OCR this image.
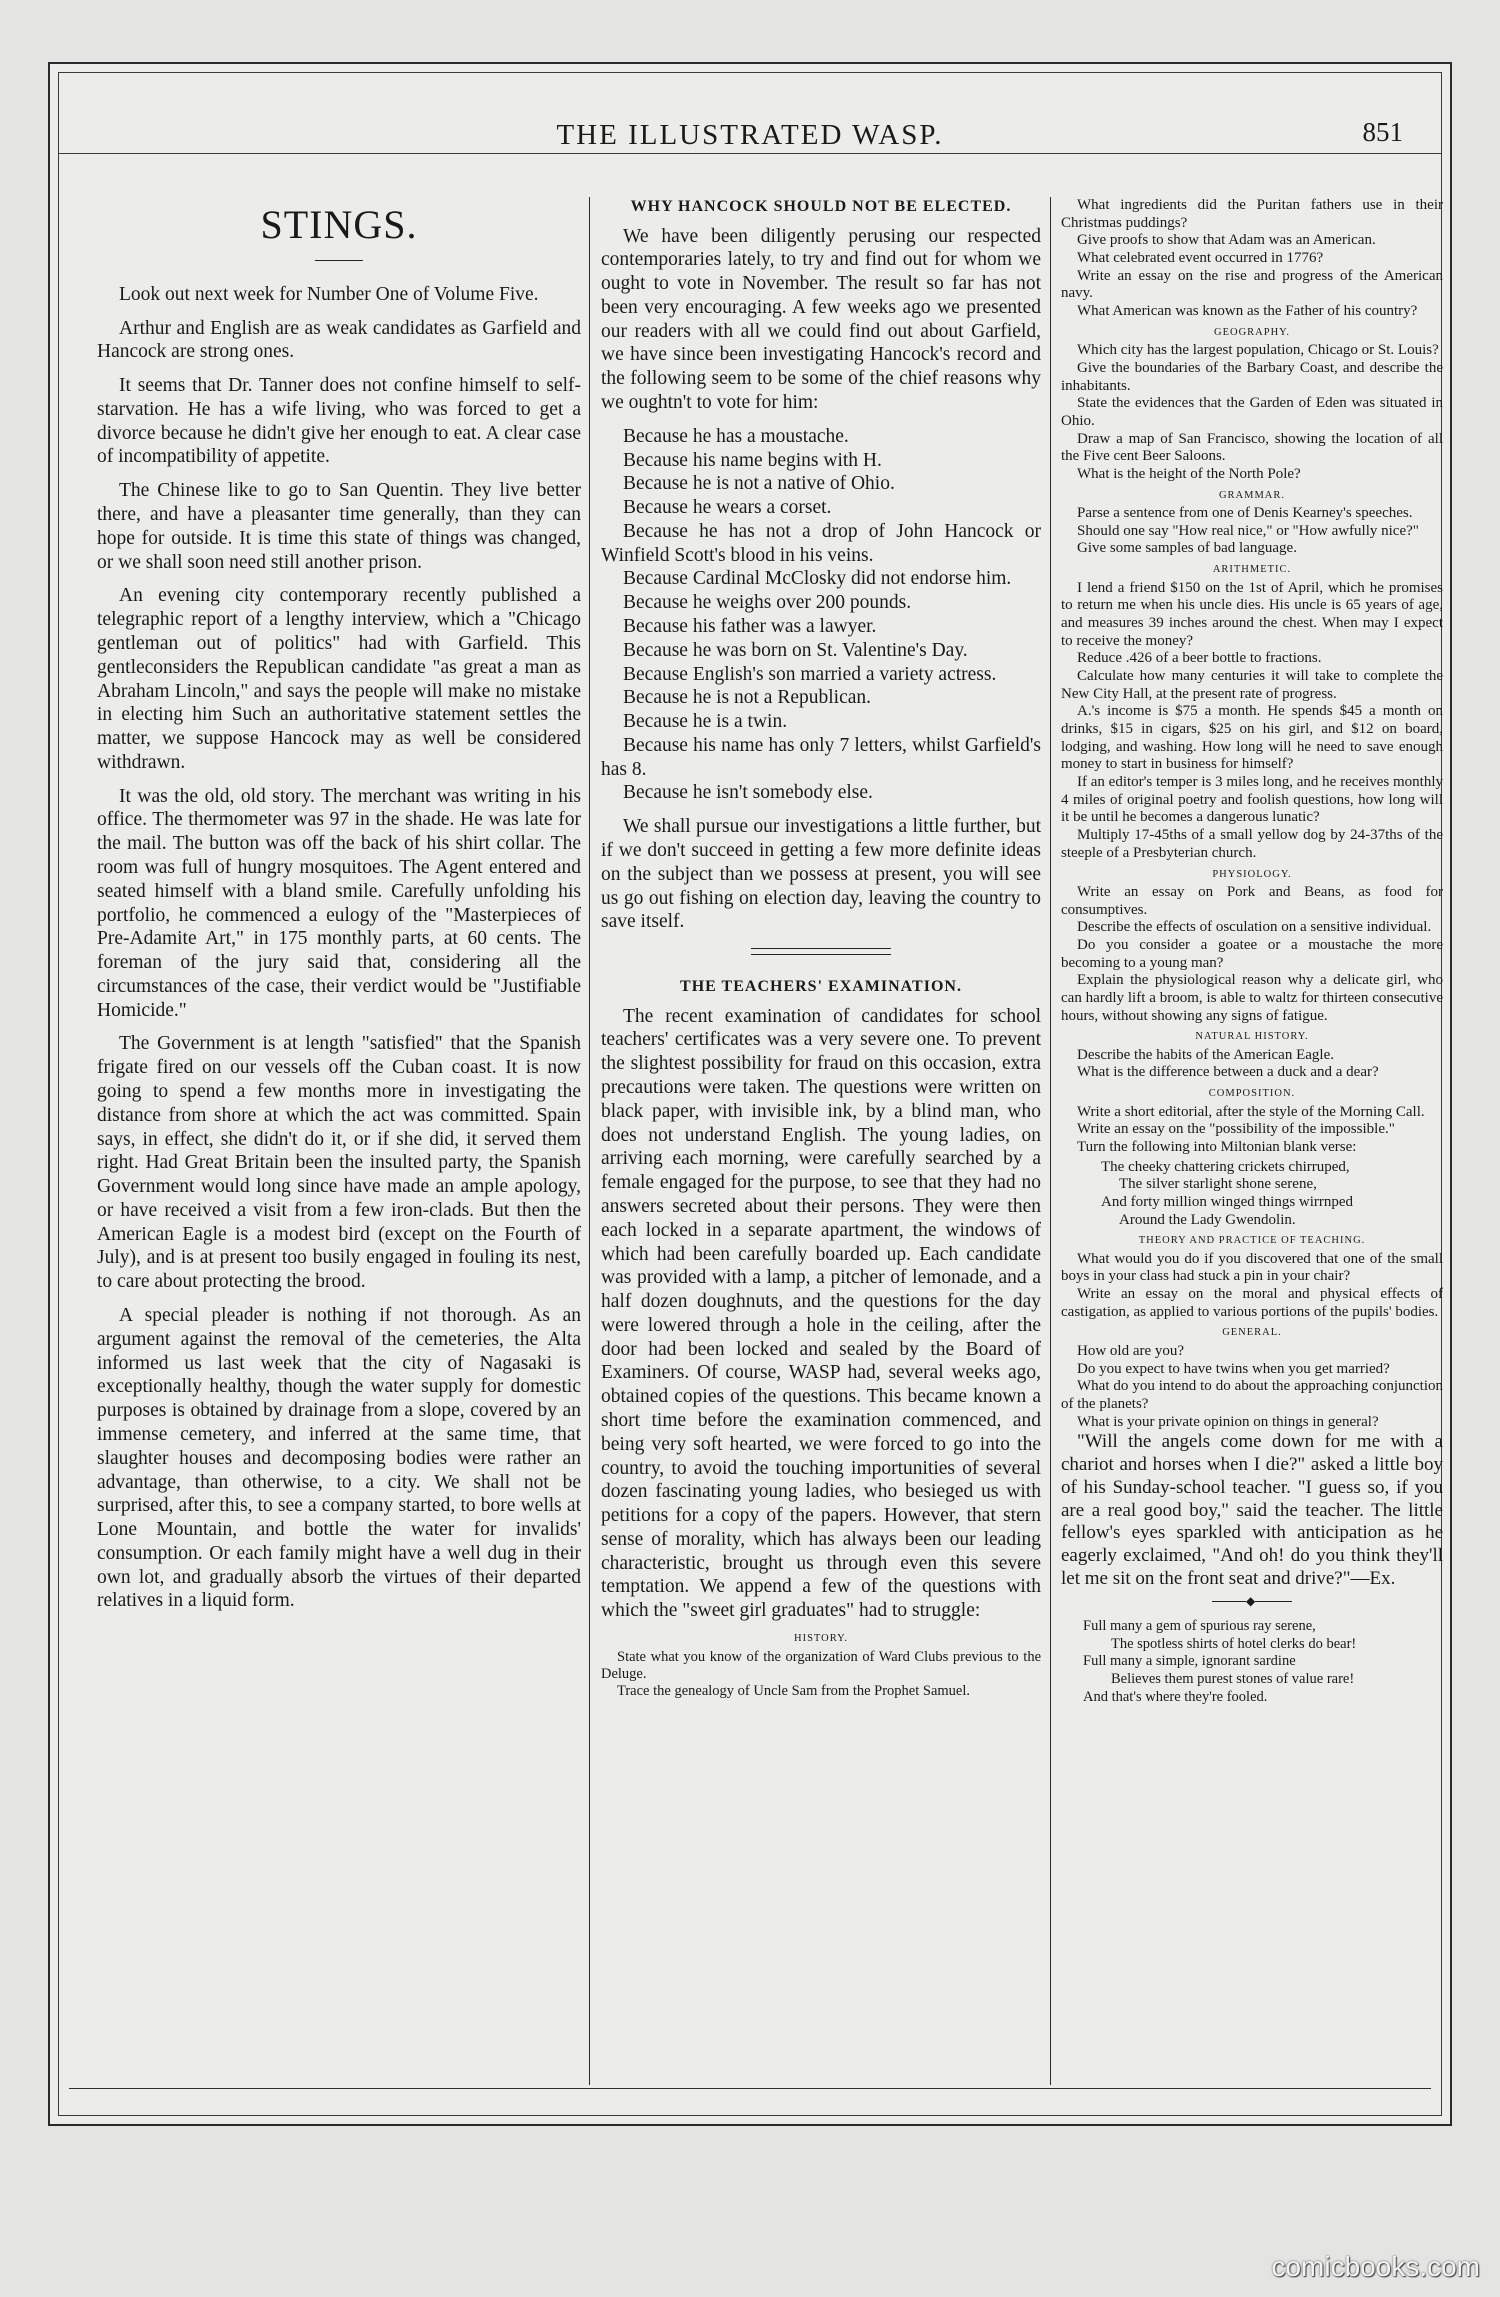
THE ILLUSTRATED WASP.	851
STINGS.

Look out next week for Number One of Volume Five.

Arthur and English are as weak candidates as Garfield and Hancock are strong ones.

It seems that Dr. Tanner does not confine himself to self-starvation. He has a wife living, who was forced to get a divorce because he didn't give her enough to eat. A clear case of incompatibility of appetite.

The Chinese like to go to San Quentin. They live better there, and have a pleasanter time generally, than they can hope for outside. It is time this state of things was changed, or we shall soon need still another prison.

An evening city contemporary recently published a telegraphic report of a lengthy interview, which a "Chicago gentleman out of politics" had with Garfield. This gentleconsiders the Republican candidate "as great a man as Abraham Lincoln," and says the people will make no mistake in electing him Such an authoritative statement settles the matter, we suppose Hancock may as well be considered withdrawn.

It was the old, old story. The merchant was writing in his office. The thermometer was 97 in the shade. He was late for the mail. The button was off the back of his shirt collar. The room was full of hungry mosquitoes. The Agent entered and seated himself with a bland smile. Carefully unfolding his portfolio, he commenced a eulogy of the "Masterpieces of Pre-Adamite Art," in 175 monthly parts, at 60 cents. The foreman of the jury said that, considering all the circumstances of the case, their verdict would be "Justifiable Homicide."

The Government is at length "satisfied" that the Spanish frigate fired on our vessels off the Cuban coast. It is now going to spend a few months more in investigating the distance from shore at which the act was committed. Spain says, in effect, she didn't do it, or if she did, it served them right. Had Great Britain been the insulted party, the Spanish Government would long since have made an ample apology, or have received a visit from a few iron-clads. But then the American Eagle is a modest bird (except on the Fourth of July), and is at present too busily engaged in fouling its nest, to care about protecting the brood.

A special pleader is nothing if not thorough. As an argument against the removal of the cemeteries, the Alta informed us last week that the city of Nagasaki is exceptionally healthy, though the water supply for domestic purposes is obtained by drainage from a slope, covered by an immense cemetery, and inferred at the same time, that slaughter houses and decomposing bodies were rather an advantage, than otherwise, to a city. We shall not be surprised, after this, to see a company started, to bore wells at Lone Mountain, and bottle the water for invalids' consumption. Or each family might have a well dug in their own lot, and gradually absorb the virtues of their departed relatives in a liquid form.

WHY HANCOCK SHOULD NOT BE ELECTED.

We have been diligently perusing our respected contemporaries lately, to try and find out for whom we ought to vote in November. The result so far has not been very encouraging. A few weeks ago we presented our readers with all we could find out about Garfield, we have since been investigating Hancock's record and the following seem to be some of the chief reasons why we oughtn't to vote for him:

Because he has a moustache.
Because his name begins with H.
Because he is not a native of Ohio.
Because he wears a corset.
Because he has not a drop of John Hancock or Winfield Scott's blood in his veins.
Because Cardinal McClosky did not endorse him.
Because he weighs over 200 pounds.
Because his father was a lawyer.
Because he was born on St. Valentine's Day.
Because English's son married a variety actress.
Because he is not a Republican.
Because he is a twin.
Because his name has only 7 letters, whilst Garfield's has 8.
Because he isn't somebody else.

We shall pursue our investigations a little further, but if we don't succeed in getting a few more definite ideas on the subject than we possess at present, you will see us go out fishing on election day, leaving the country to save itself.

THE TEACHERS' EXAMINATION.

The recent examination of candidates for school teachers' certificates was a very severe one. To prevent the slightest possibility for fraud on this occasion, extra precautions were taken. The questions were written on black paper, with invisible ink, by a blind man, who does not understand English. The young ladies, on arriving each morning, were carefully searched by a female engaged for the purpose, to see that they had no answers secreted about their persons. They were then each locked in a separate apartment, the windows of which had been carefully boarded up. Each candidate was provided with a lamp, a pitcher of lemonade, and a half dozen doughnuts, and the questions for the day were lowered through a hole in the ceiling, after the door had been locked and sealed by the Board of Examiners. Of course, WASP had, several weeks ago, obtained copies of the questions. This became known a short time before the examination commenced, and being very soft hearted, we were forced to go into the country, to avoid the touching importunities of several dozen fascinating young ladies, who besieged us with petitions for a copy of the papers. However, that stern sense of morality, which has always been our leading characteristic, brought us through even this severe temptation. We append a few of the questions with which the "sweet girl graduates" had to struggle:

HISTORY.

State what you know of the organization of Ward Clubs previous to the Deluge.

Trace the genealogy of Uncle Sam from the Prophet Samuel.

What ingredients did the Puritan fathers use in their Christmas puddings?

Give proofs to show that Adam was an American.

What celebrated event occurred in 1776?

Write an essay on the rise and progress of the American navy.

What American was known as the Father of his country?

GEOGRAPHY.

Which city has the largest population, Chicago or St. Louis?

Give the boundaries of the Barbary Coast, and describe the inhabitants.

State the evidences that the Garden of Eden was situated in Ohio.

Draw a map of San Francisco, showing the location of all the Five cent Beer Saloons.

What is the height of the North Pole?

GRAMMAR.

Parse a sentence from one of Denis Kearney's speeches.

Should one say "How real nice," or "How awfully nice?"

Give some samples of bad language.

ARITHMETIC.

I lend a friend $150 on the 1st of April, which he promises to return me when his uncle dies. His uncle is 65 years of age, and measures 39 inches around the chest. When may I expect to receive the money?

Reduce .426 of a beer bottle to fractions.

Calculate how many centuries it will take to complete the New City Hall, at the present rate of progress.

A.'s income is $75 a month. He spends $45 a month on drinks, $15 in cigars, $25 on his girl, and $12 on board, lodging, and washing. How long will he need to save enough money to start in business for himself?

If an editor's temper is 3 miles long, and he receives monthly 4 miles of original poetry and foolish questions, how long will it be until he becomes a dangerous lunatic?

Multiply 17-45ths of a small yellow dog by 24-37ths of the steeple of a Presbyterian church.

PHYSIOLOGY.

Write an essay on Pork and Beans, as food for consumptives.

Describe the effects of osculation on a sensitive individual.

Do you consider a goatee or a moustache the more becoming to a young man?

Explain the physiological reason why a delicate girl, who can hardly lift a broom, is able to waltz for thirteen consecutive hours, without showing any signs of fatigue.

NATURAL HISTORY.

Describe the habits of the American Eagle.

What is the difference between a duck and a dear?

COMPOSITION.

Write a short editorial, after the style of the Morning Call.

Write an essay on the "possibility of the impossible."

Turn the following into Miltonian blank verse:

The cheeky chattering crickets chirruped,
The silver starlight shone serene,
And forty million winged things wirrnped
Around the Lady Gwendolin.
THEORY AND PRACTICE OF TEACHING.

What would you do if you discovered that one of the small boys in your class had stuck a pin in your chair?

Write an essay on the moral and physical effects of castigation, as applied to various portions of the pupils' bodies.

GENERAL.

How old are you?

Do you expect to have twins when you get married?

What do you intend to do about the approaching conjunction of the planets?

What is your private opinion on things in general?

"Will the angels come down for me with a chariot and horses when I die?" asked a little boy of his Sunday-school teacher. "I guess so, if you are a real good boy," said the teacher. The little fellow's eyes sparkled with anticipation as he eagerly exclaimed, "And oh! do you think they'll let me sit on the front seat and drive?"—Ex.

◆
Full many a gem of spurious ray serene,
The spotless shirts of hotel clerks do bear!
Full many a simple, ignorant sardine
Believes them purest stones of value rare!
And that's where they're fooled.
comicbooks.com
